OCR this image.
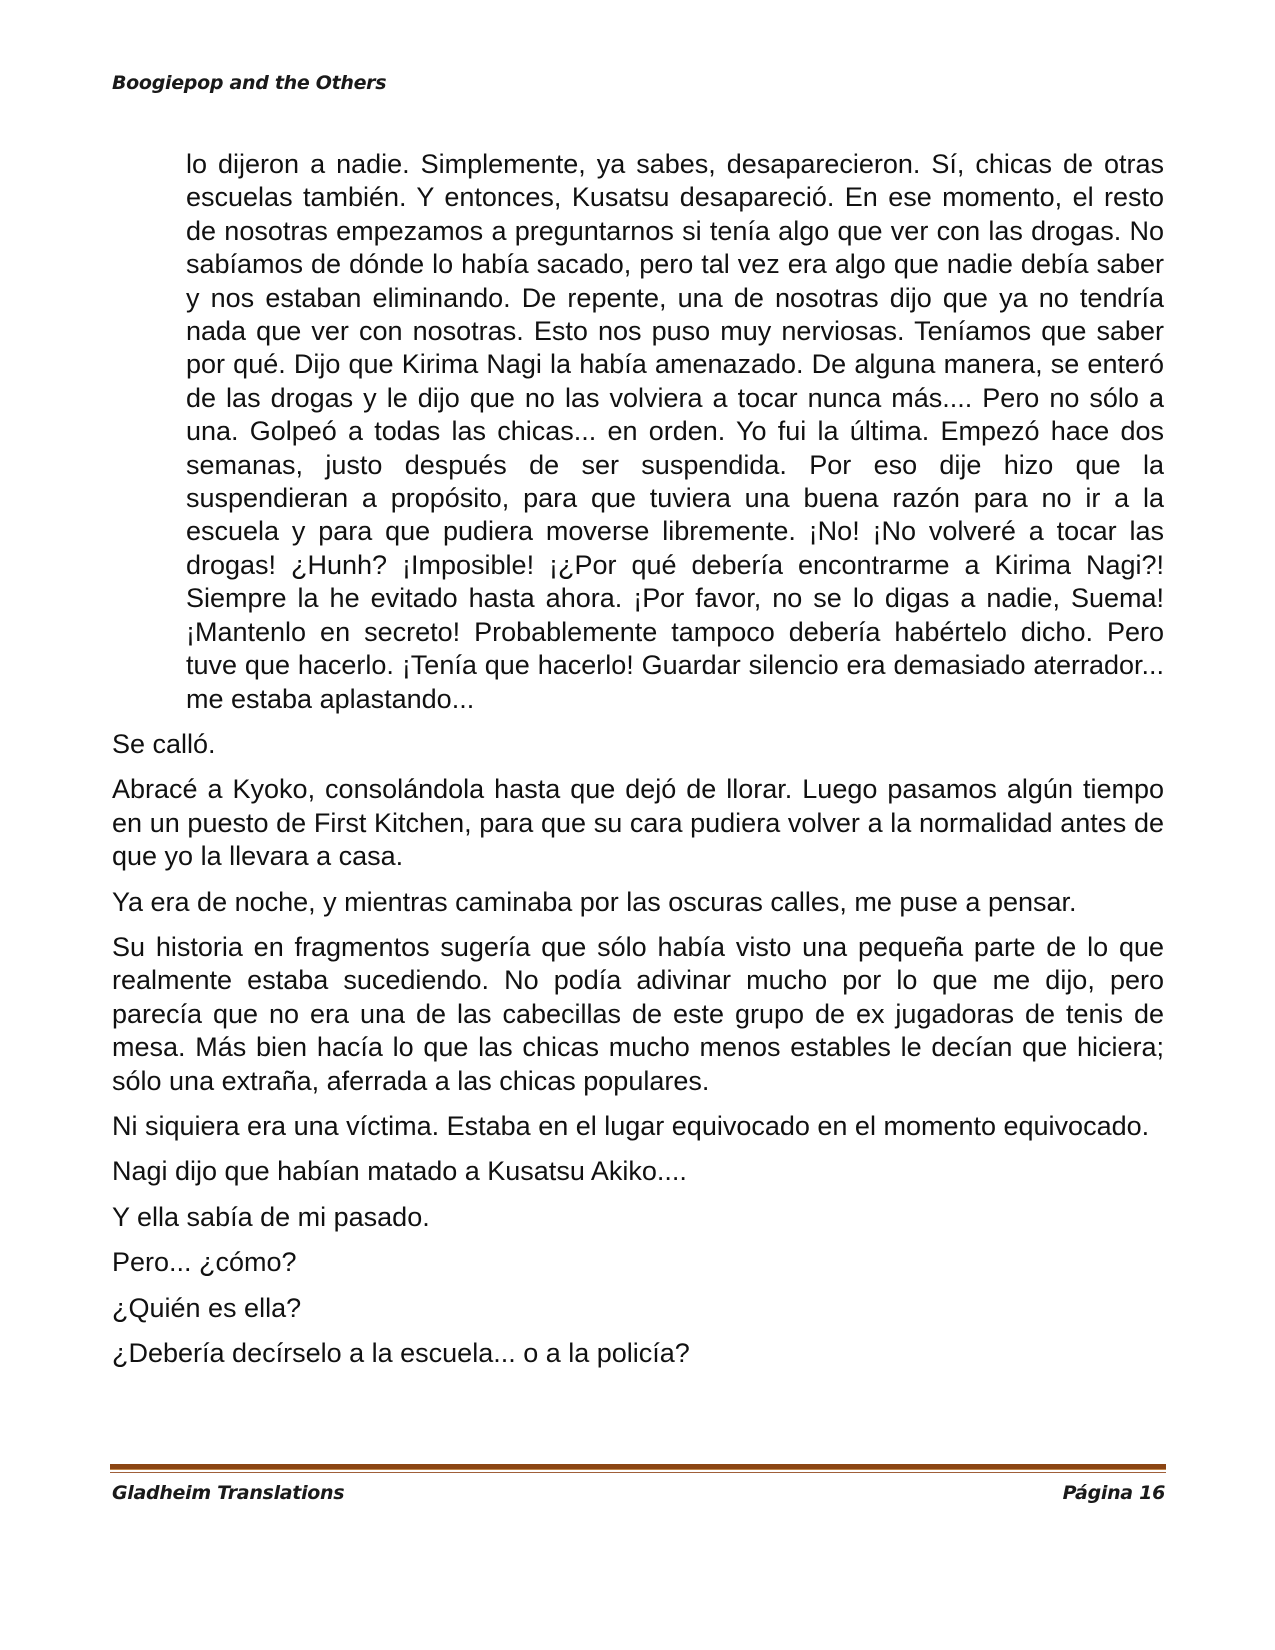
Boogiepop and the Others

lo dijeron a nadie. Simplemente, ya sabes, desaparecieron. Sí, chicas de otras escuelas también. Y entonces, Kusatsu desapareció. En ese momento, el resto de nosotras empezamos a preguntarnos si tenía algo que ver con las drogas. No sabíamos de dónde lo había sacado, pero tal vez era algo que nadie debía saber y nos estaban eliminando. De repente, una de nosotras dijo que ya no tendría nada que ver con nosotras. Esto nos puso muy nerviosas. Teníamos que saber por qué. Dijo que Kirima Nagi la había amenazado. De alguna manera, se enteró de las drogas y le dijo que no las volviera a tocar nunca más.... Pero no sólo a una. Golpeó a todas las chicas... en orden. Yo fui la última. Empezó hace dos semanas, justo después de ser suspendida. Por eso dije hizo que la suspendieran a propósito, para que tuviera una buena razón para no ir a la escuela y para que pudiera moverse libremente. ¡No! ¡No volveré a tocar las drogas! ¿Hunh? ¡Imposible! ¡¿Por qué debería encontrarme a Kirima Nagi?! Siempre la he evitado hasta ahora. ¡Por favor, no se lo digas a nadie, Suema! ¡Mantenlo en secreto! Probablemente tampoco debería habértelo dicho. Pero tuve que hacerlo. ¡Tenía que hacerlo! Guardar silencio era demasiado aterrador... me estaba aplastando...

Se calló.

Abracé a Kyoko, consolándola hasta que dejó de llorar. Luego pasamos algún tiempo en un puesto de First Kitchen, para que su cara pudiera volver a la normalidad antes de que yo la llevara a casa.

Ya era de noche, y mientras caminaba por las oscuras calles, me puse a pensar.

Su historia en fragmentos sugería que sólo había visto una pequeña parte de lo que realmente estaba sucediendo. No podía adivinar mucho por lo que me dijo, pero parecía que no era una de las cabecillas de este grupo de ex jugadoras de tenis de mesa. Más bien hacía lo que las chicas mucho menos estables le decían que hiciera; sólo una extraña, aferrada a las chicas populares.

Ni siquiera era una víctima. Estaba en el lugar equivocado en el momento equivocado.

Nagi dijo que habían matado a Kusatsu Akiko....

Y ella sabía de mi pasado.

Pero... ¿cómo?

¿Quién es ella?

¿Debería decírselo a la escuela... o a la policía?

Gladheim Translations	Página 16
